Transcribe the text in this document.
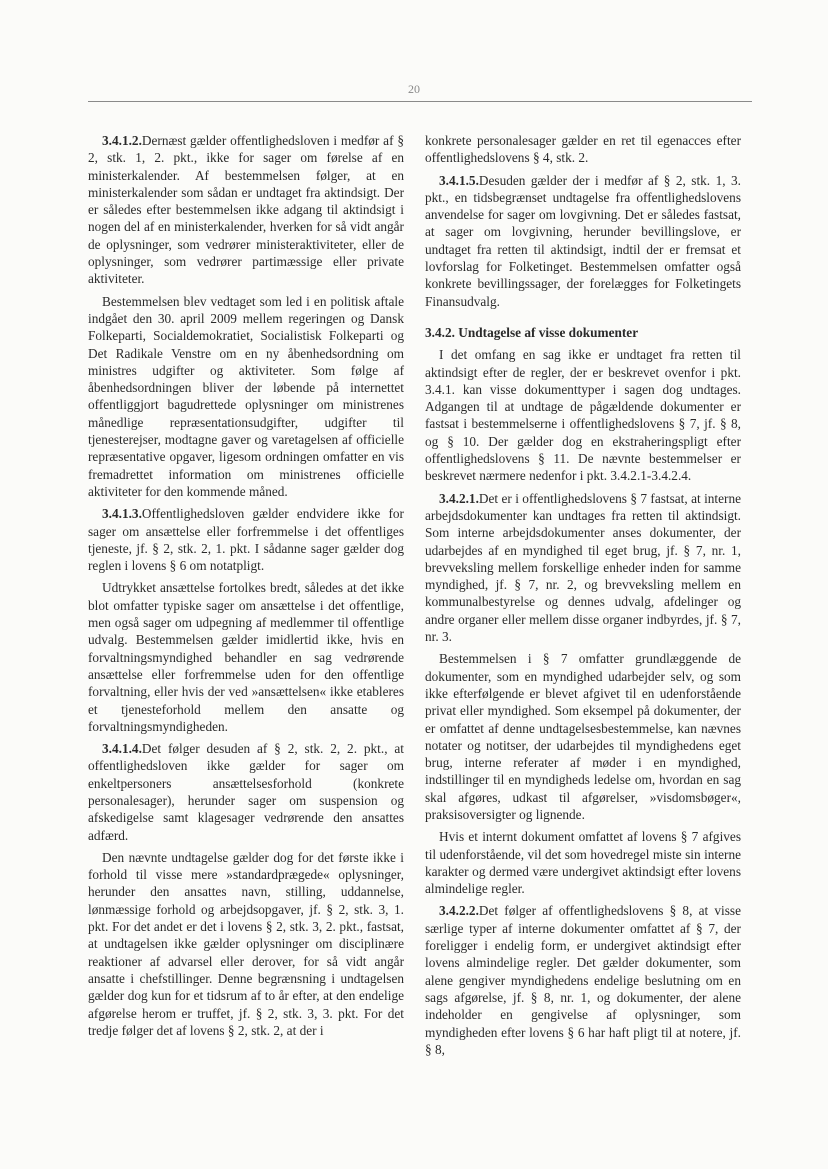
20

3.4.1.2.Dernæst gælder offentlighedsloven i medfør af § 2, stk. 1, 2. pkt., ikke for sager om førelse af en ministerkalender. Af bestemmelsen følger, at en ministerkalender som sådan er undtaget fra aktindsigt. Der er således efter bestemmelsen ikke adgang til aktindsigt i nogen del af en ministerkalender, hverken for så vidt angår de oplysninger, som vedrører ministeraktiviteter, eller de oplysninger, som vedrører partimæssige eller private aktiviteter.

Bestemmelsen blev vedtaget som led i en politisk aftale indgået den 30. april 2009 mellem regeringen og Dansk Folkeparti, Socialdemokratiet, Socialistisk Folkeparti og Det Radikale Venstre om en ny åbenhedsordning om ministres udgifter og aktiviteter. Som følge af åbenhedsordningen bliver der løbende på internettet offentliggjort bagudrettede oplysninger om ministrenes månedlige repræsentationsudgifter, udgifter til tjenesterejser, modtagne gaver og varetagelsen af officielle repræsentative opgaver, ligesom ordningen omfatter en vis fremadrettet information om ministrenes officielle aktiviteter for den kommende måned.

3.4.1.3.Offentlighedsloven gælder endvidere ikke for sager om ansættelse eller forfremmelse i det offentliges tjeneste, jf. § 2, stk. 2, 1. pkt. I sådanne sager gælder dog reglen i lovens § 6 om notatpligt.

Udtrykket ansættelse fortolkes bredt, således at det ikke blot omfatter typiske sager om ansættelse i det offentlige, men også sager om udpegning af medlemmer til offentlige udvalg. Bestemmelsen gælder imidlertid ikke, hvis en forvaltningsmyndighed behandler en sag vedrørende ansættelse eller forfremmelse uden for den offentlige forvaltning, eller hvis der ved »ansættelsen« ikke etableres et tjenesteforhold mellem den ansatte og forvaltningsmyndigheden.

3.4.1.4.Det følger desuden af § 2, stk. 2, 2. pkt., at offentlighedsloven ikke gælder for sager om enkeltpersoners ansættelsesforhold (konkrete personalesager), herunder sager om suspension og afskedigelse samt klagesager vedrørende den ansattes adfærd.

Den nævnte undtagelse gælder dog for det første ikke i forhold til visse mere »standardprægede« oplysninger, herunder den ansattes navn, stilling, uddannelse, lønmæssige forhold og arbejdsopgaver, jf. § 2, stk. 3, 1. pkt. For det andet er det i lovens § 2, stk. 3, 2. pkt., fastsat, at undtagelsen ikke gælder oplysninger om disciplinære reaktioner af advarsel eller derover, for så vidt angår ansatte i chefstillinger. Denne begrænsning i undtagelsen gælder dog kun for et tidsrum af to år efter, at den endelige afgørelse herom er truffet, jf. § 2, stk. 3, 3. pkt. For det tredje følger det af lovens § 2, stk. 2, at der i

konkrete personalesager gælder en ret til egenacces efter offentlighedslovens § 4, stk. 2.

3.4.1.5.Desuden gælder der i medfør af § 2, stk. 1, 3. pkt., en tidsbegrænset undtagelse fra offentlighedslovens anvendelse for sager om lovgivning. Det er således fastsat, at sager om lovgivning, herunder bevillingslove, er undtaget fra retten til aktindsigt, indtil der er fremsat et lovforslag for Folketinget. Bestemmelsen omfatter også konkrete bevillingssager, der forelægges for Folketingets Finansudvalg.

3.4.2. Undtagelse af visse dokumenter

I det omfang en sag ikke er undtaget fra retten til aktindsigt efter de regler, der er beskrevet ovenfor i pkt. 3.4.1. kan visse dokumenttyper i sagen dog undtages. Adgangen til at undtage de pågældende dokumenter er fastsat i bestemmelserne i offentlighedslovens § 7, jf. § 8, og § 10. Der gælder dog en ekstraheringspligt efter offentlighedslovens § 11. De nævnte bestemmelser er beskrevet nærmere nedenfor i pkt. 3.4.2.1-3.4.2.4.

3.4.2.1.Det er i offentlighedslovens § 7 fastsat, at interne arbejdsdokumenter kan undtages fra retten til aktindsigt. Som interne arbejdsdokumenter anses dokumenter, der udarbejdes af en myndighed til eget brug, jf. § 7, nr. 1, brevveksling mellem forskellige enheder inden for samme myndighed, jf. § 7, nr. 2, og brevveksling mellem en kommunalbestyrelse og dennes udvalg, afdelinger og andre organer eller mellem disse organer indbyrdes, jf. § 7, nr. 3.

Bestemmelsen i § 7 omfatter grundlæggende de dokumenter, som en myndighed udarbejder selv, og som ikke efterfølgende er blevet afgivet til en udenforstående privat eller myndighed. Som eksempel på dokumenter, der er omfattet af denne undtagelsesbestemmelse, kan nævnes notater og notitser, der udarbejdes til myndighedens eget brug, interne referater af møder i en myndighed, indstillinger til en myndigheds ledelse om, hvordan en sag skal afgøres, udkast til afgørelser, »visdomsbøger«, praksisoversigter og lignende.

Hvis et internt dokument omfattet af lovens § 7 afgives til udenforstående, vil det som hovedregel miste sin interne karakter og dermed være undergivet aktindsigt efter lovens almindelige regler.

3.4.2.2.Det følger af offentlighedslovens § 8, at visse særlige typer af interne dokumenter omfattet af § 7, der foreligger i endelig form, er undergivet aktindsigt efter lovens almindelige regler. Det gælder dokumenter, som alene gengiver myndighedens endelige beslutning om en sags afgørelse, jf. § 8, nr. 1, og dokumenter, der alene indeholder en gengivelse af oplysninger, som myndigheden efter lovens § 6 har haft pligt til at notere, jf. § 8,
